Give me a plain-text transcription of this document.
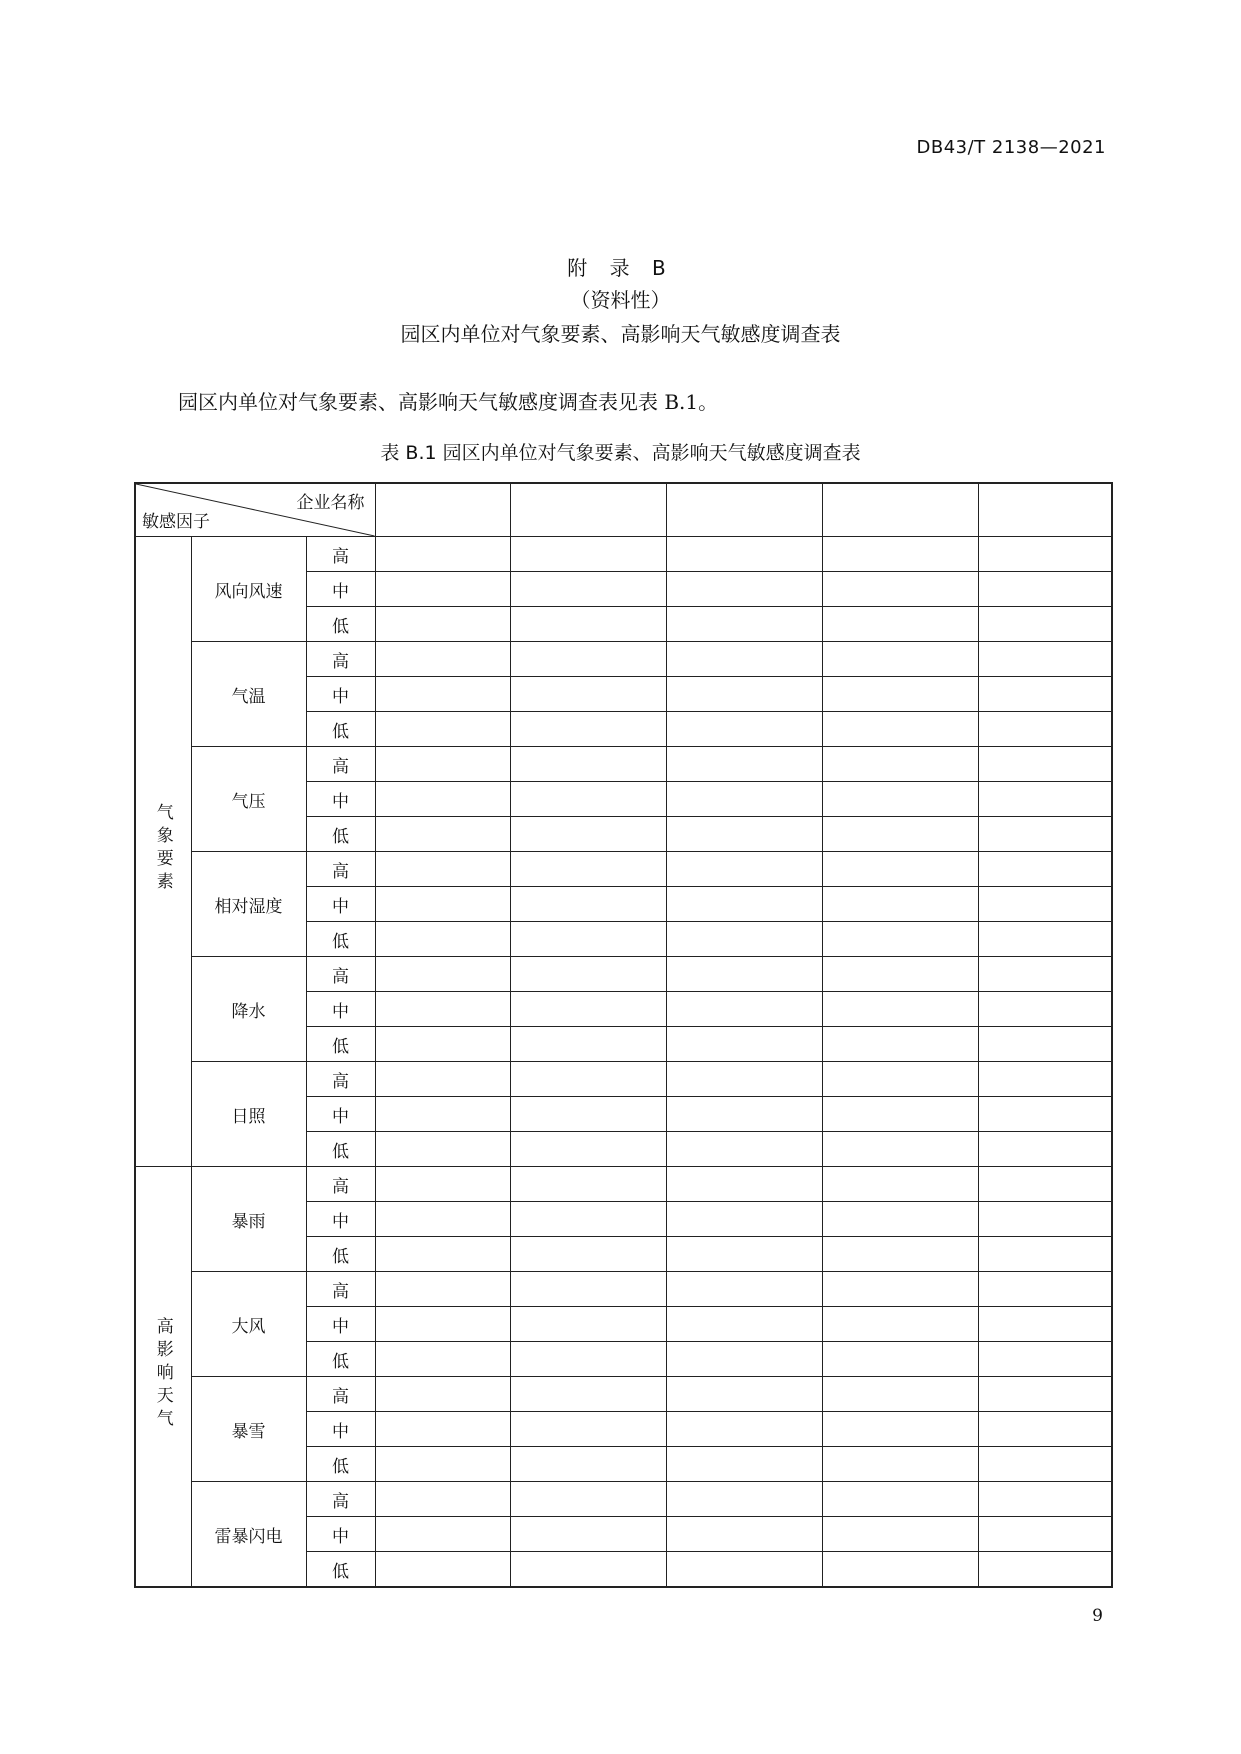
DB43/T 2138—2021
附 录 B
（资料性）
园区内单位对气象要素、高影响天气敏感度调查表
园区内单位对气象要素、高影响天气敏感度调查表见表 B.1。
表 B.1 园区内单位对气象要素、高影响天气敏感度调查表
企业名称
敏感因子							

气象要素	风向风速	高					
		中					
		低					
	气温	高					
		中					
		低					
	气压	高					
		中					
		低					
	相对湿度	高					
		中					
		低					
	降水	高					
		中					
		低					
	日照	高					
		中					
		低					
高影响天气	暴雨	高					
		中					
		低					
	大风	高					
		中					
		低					
	暴雪	高					
		中					
		低					
	雷暴闪电	高					
		中					
		低					
9
